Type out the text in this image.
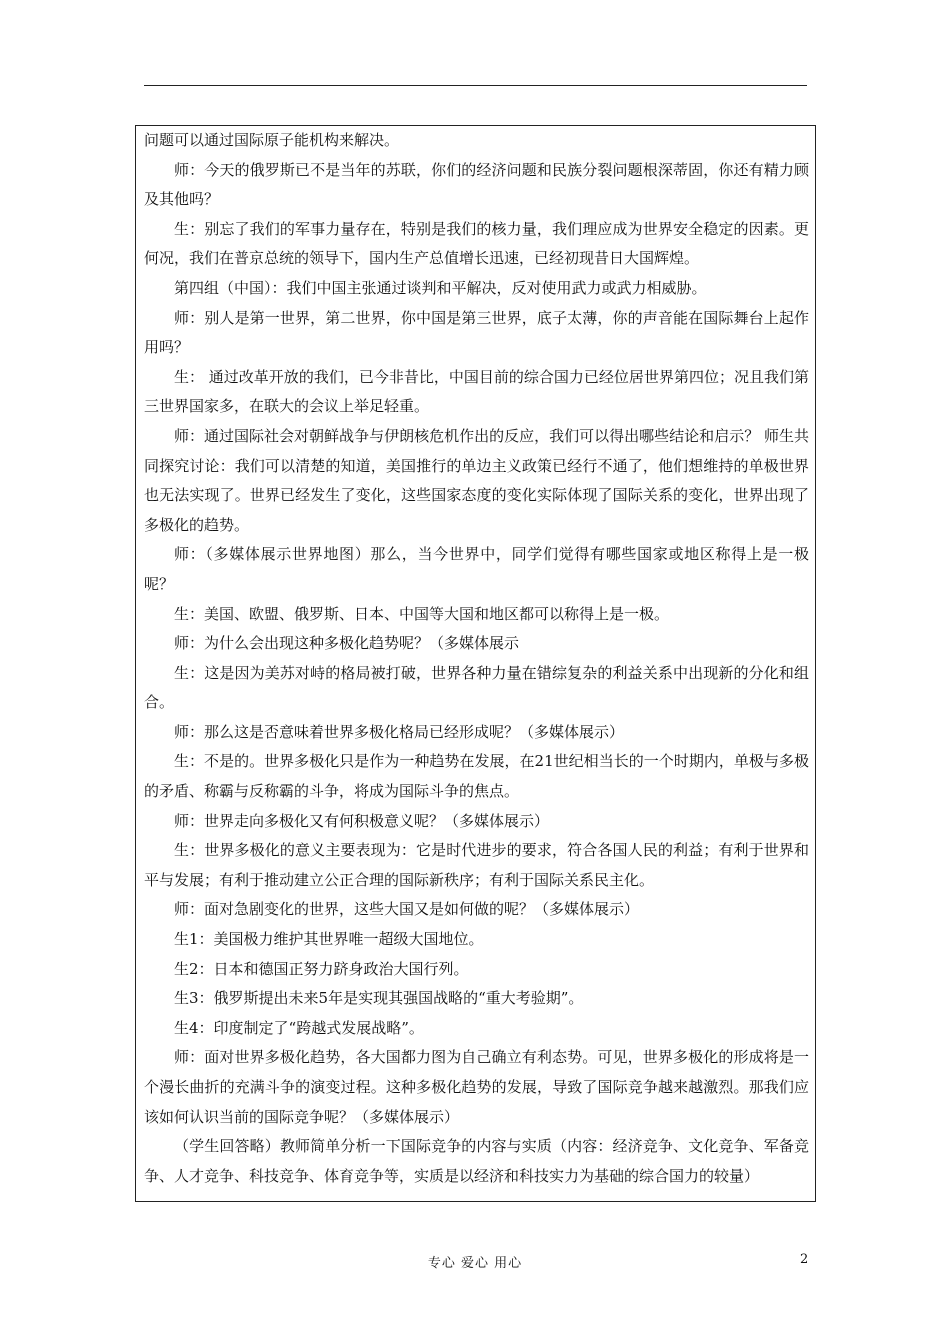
问题可以通过国际原子能机构来解决。

师：今天的俄罗斯已不是当年的苏联，你们的经济问题和民族分裂问题根深蒂固，你还有精力顾及其他吗？

生：别忘了我们的军事力量存在，特别是我们的核力量，我们理应成为世界安全稳定的因素。更何况，我们在普京总统的领导下，国内生产总值增长迅速，已经初现昔日大国辉煌。

第四组（中国）：我们中国主张通过谈判和平解决，反对使用武力或武力相威胁。

师：别人是第一世界，第二世界，你中国是第三世界，底子太薄，你的声音能在国际舞台上起作用吗？

生： 通过改革开放的我们，已今非昔比，中国目前的综合国力已经位居世界第四位；况且我们第三世界国家多，在联大的会议上举足轻重。

师：通过国际社会对朝鲜战争与伊朗核危机作出的反应，我们可以得出哪些结论和启示？ 师生共同探究讨论：我们可以清楚的知道，美国推行的单边主义政策已经行不通了，他们想维持的单极世界也无法实现了。世界已经发生了变化，这些国家态度的变化实际体现了国际关系的变化，世界出现了多极化的趋势。

师：（多媒体展示世界地图）那么，当今世界中，同学们觉得有哪些国家或地区称得上是一极呢？

生：美国、欧盟、俄罗斯、日本、中国等大国和地区都可以称得上是一极。

师：为什么会出现这种多极化趋势呢？（多媒体展示

生：这是因为美苏对峙的格局被打破，世界各种力量在错综复杂的利益关系中出现新的分化和组合。

师：那么这是否意味着世界多极化格局已经形成呢？（多媒体展示）

生：不是的。世界多极化只是作为一种趋势在发展，在21世纪相当长的一个时期内，单极与多极的矛盾、称霸与反称霸的斗争，将成为国际斗争的焦点。

师：世界走向多极化又有何积极意义呢？（多媒体展示）

生：世界多极化的意义主要表现为：它是时代进步的要求，符合各国人民的利益；有利于世界和平与发展；有利于推动建立公正合理的国际新秩序；有利于国际关系民主化。

师：面对急剧变化的世界，这些大国又是如何做的呢？（多媒体展示）

生1：美国极力维护其世界唯一超级大国地位。

生2：日本和德国正努力跻身政治大国行列。

生3：俄罗斯提出未来5年是实现其强国战略的“重大考验期”。

生4：印度制定了“跨越式发展战略”。

师：面对世界多极化趋势，各大国都力图为自己确立有利态势。可见，世界多极化的形成将是一个漫长曲折的充满斗争的演变过程。这种多极化趋势的发展，导致了国际竞争越来越激烈。那我们应该如何认识当前的国际竞争呢？（多媒体展示）

（学生回答略）教师简单分析一下国际竞争的内容与实质（内容：经济竞争、文化竞争、军备竞争、人才竞争、科技竞争、体育竞争等，实质是以经济和科技实力为基础的综合国力的较量）

专心 爱心 用心	2
